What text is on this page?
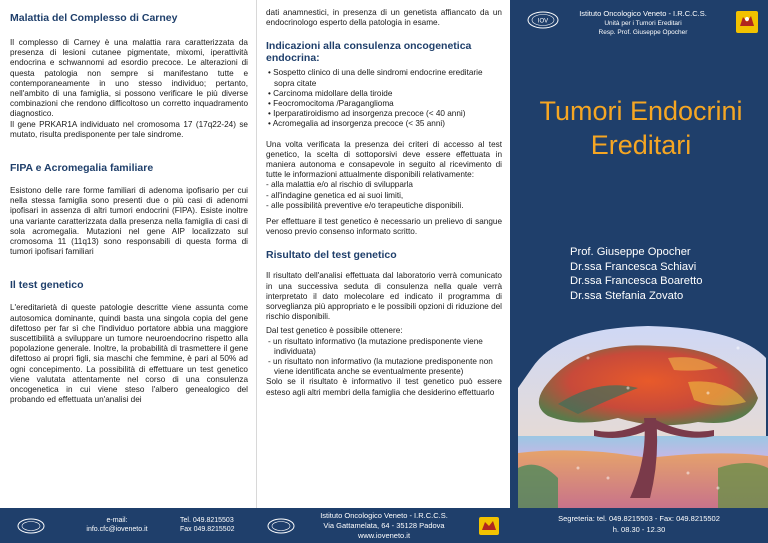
Malattia del Complesso di Carney

Il complesso di Carney è una malattia rara caratterizzata da presenza di lesioni cutanee pigmentate, mixomi, iperattività endocrina e schwannomi ad esordio precoce. Le alterazioni di questa patologia non sempre si manifestano tutte e contemporaneamente in uno stesso individuo; pertanto, nell'ambito di una famiglia, si possono verificare le più diverse combinazioni che rendono difficoltoso un corretto inquadramento diagnostico.

Il gene PRKAR1A individuato nel cromosoma 17 (17q22-24) se mutato, risulta predisponente per tale sindrome.

FIPA e Acromegalia familiare

Esistono delle rare forme familiari di adenoma ipofisario per cui nella stessa famiglia sono presenti due o più casi di adenomi ipofisari in assenza di altri tumori endocrini (FIPA). Esiste inoltre una variante caratterizzata dalla presenza nella famiglia di casi di sola acromegalia. Mutazioni nel gene AIP localizzato sul cromosoma 11 (11q13) sono responsabili di questa forma di tumori ipofisari familiari

Il test genetico

L'ereditarietà di queste patologie descritte viene assunta come autosomica dominante, quindi basta una singola copia del gene difettoso per far sì che l'individuo portatore abbia una maggiore suscettibilità a sviluppare un tumore neuroendocrino rispetto alla popolazione generale. Inoltre, la probabilità di trasmettere il gene difettoso ai propri figli, sia maschi che femmine, è pari al 50% ad ogni concepimento. La possibilità di effettuare un test genetico viene valutata attentamente nel corso di una consulenza oncogenetica in cui viene steso l'albero genealogico del probando ed effettuata un'analisi dei

dati anamnestici, in presenza di un genetista affiancato da un endocrinologo esperto della patologia in esame.

Indicazioni alla consulenza oncogenetica endocrina:
• Sospetto clinico di una delle sindromi endocrine ereditarie sopra citate
• Carcinoma midollare della tiroide
• Feocromocitoma /Paraganglioma
• Iperparatiroidismo ad insorgenza precoce (< 40 anni)
• Acromegalia ad insorgenza precoce (< 35 anni)

Una volta verificata la presenza dei criteri di accesso al test genetico, la scelta di sottoporsivi deve essere effettuata in maniera autonoma e consapevole in seguito al ricevimento di tutte le informazioni attualmente disponibili relativamente:

- alla malattia e/o al rischio di svilupparla
- all'indagine genetica ed ai suoi limiti,
- alle possibilità preventive e/o terapeutiche disponibili.

Per effettuare il test genetico è necessario un prelievo di sangue venoso previo consenso informato scritto.

Risultato del test genetico

Il risultato dell'analisi effettuata dal laboratorio verrà comunicato in una successiva seduta di consulenza nella quale verrà interpretato il dato molecolare ed indicato il programma di sorveglianza più appropriato e le possibili opzioni di riduzione del rischio disponibili.

Dal test genetico è possibile ottenere:

- un risultato informativo (la mutazione predisponente viene individuata)
- un risultato non informativo (la mutazione predisponente non viene identificata anche se eventualmente presente)

Solo se il risultato è informativo il test genetico può essere esteso agli altri membri della famiglia che desiderino effettuarlo

IOV
Istituto Oncologico Veneto - I.R.C.C.S.
Unità per i Tumori Ereditari
Resp. Prof. Giuseppe Opocher
Tumori Endocrini
Ereditari
Prof. Giuseppe Opocher
Dr.ssa Francesca Schiavi
Dr.ssa Francesca Boaretto
Dr.ssa Stefania Zovato
e-mail:
info.cfc@ioveneto.it
Tel. 049.8215503
Fax 049.8215502
Istituto Oncologico Veneto - I.R.C.C.S.
Via Gattamelata, 64 - 35128 Padova
www.ioveneto.it
Segreteria: tel. 049.8215503 - Fax: 049.8215502
h. 08.30 - 12.30
